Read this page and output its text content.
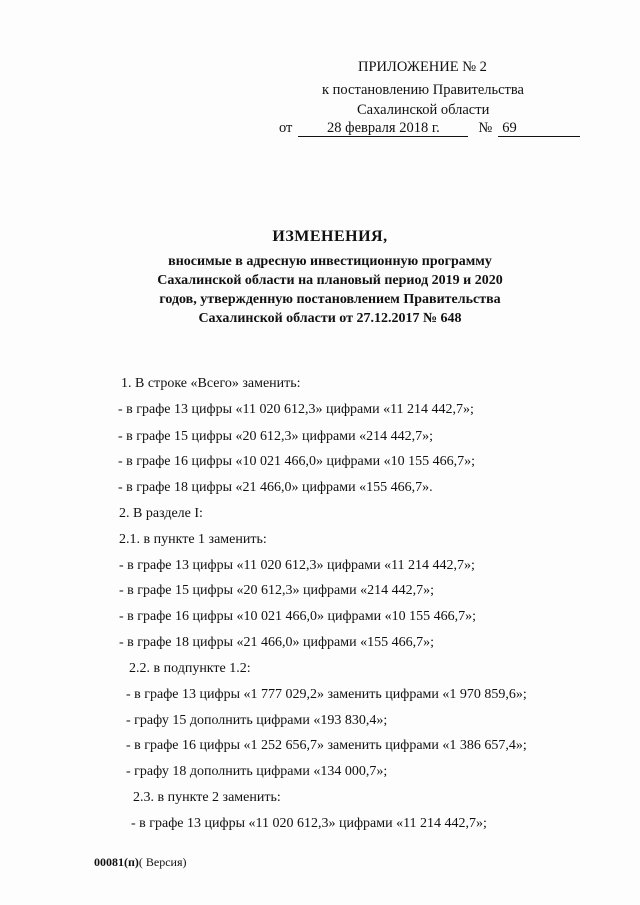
ПРИЛОЖЕНИЕ № 2
к постановлению Правительства
Сахалинской области
от 28 февраля 2018 г.	№ 69
ИЗМЕНЕНИЯ,
вносимые в адресную инвестиционную программу
Сахалинской области на плановый период 2019 и 2020
годов, утвержденную постановлением Правительства
Сахалинской области от 27.12.2017 № 648
1. В строке «Всего» заменить:
- в графе 13 цифры «11 020 612,3» цифрами «11 214 442,7»;
- в графе 15 цифры «20 612,3» цифрами «214 442,7»;
- в графе 16 цифры «10 021 466,0» цифрами «10 155 466,7»;
- в графе 18 цифры «21 466,0» цифрами «155 466,7».
2. В разделе I:
2.1. в пункте 1 заменить:
- в графе 13 цифры «11 020 612,3» цифрами «11 214 442,7»;
- в графе 15 цифры «20 612,3» цифрами «214 442,7»;
- в графе 16 цифры «10 021 466,0» цифрами «10 155 466,7»;
- в графе 18 цифры «21 466,0» цифрами «155 466,7»;
2.2. в подпункте 1.2:
- в графе 13 цифры «1 777 029,2» заменить цифрами «1 970 859,6»;
- графу 15 дополнить цифрами «193 830,4»;
- в графе 16 цифры «1 252 656,7» заменить цифрами «1 386 657,4»;
- графу 18 дополнить цифрами «134 000,7»;
2.3. в пункте 2 заменить:
- в графе 13 цифры «11 020 612,3» цифрами «11 214 442,7»;
00081(п)( Версия)
